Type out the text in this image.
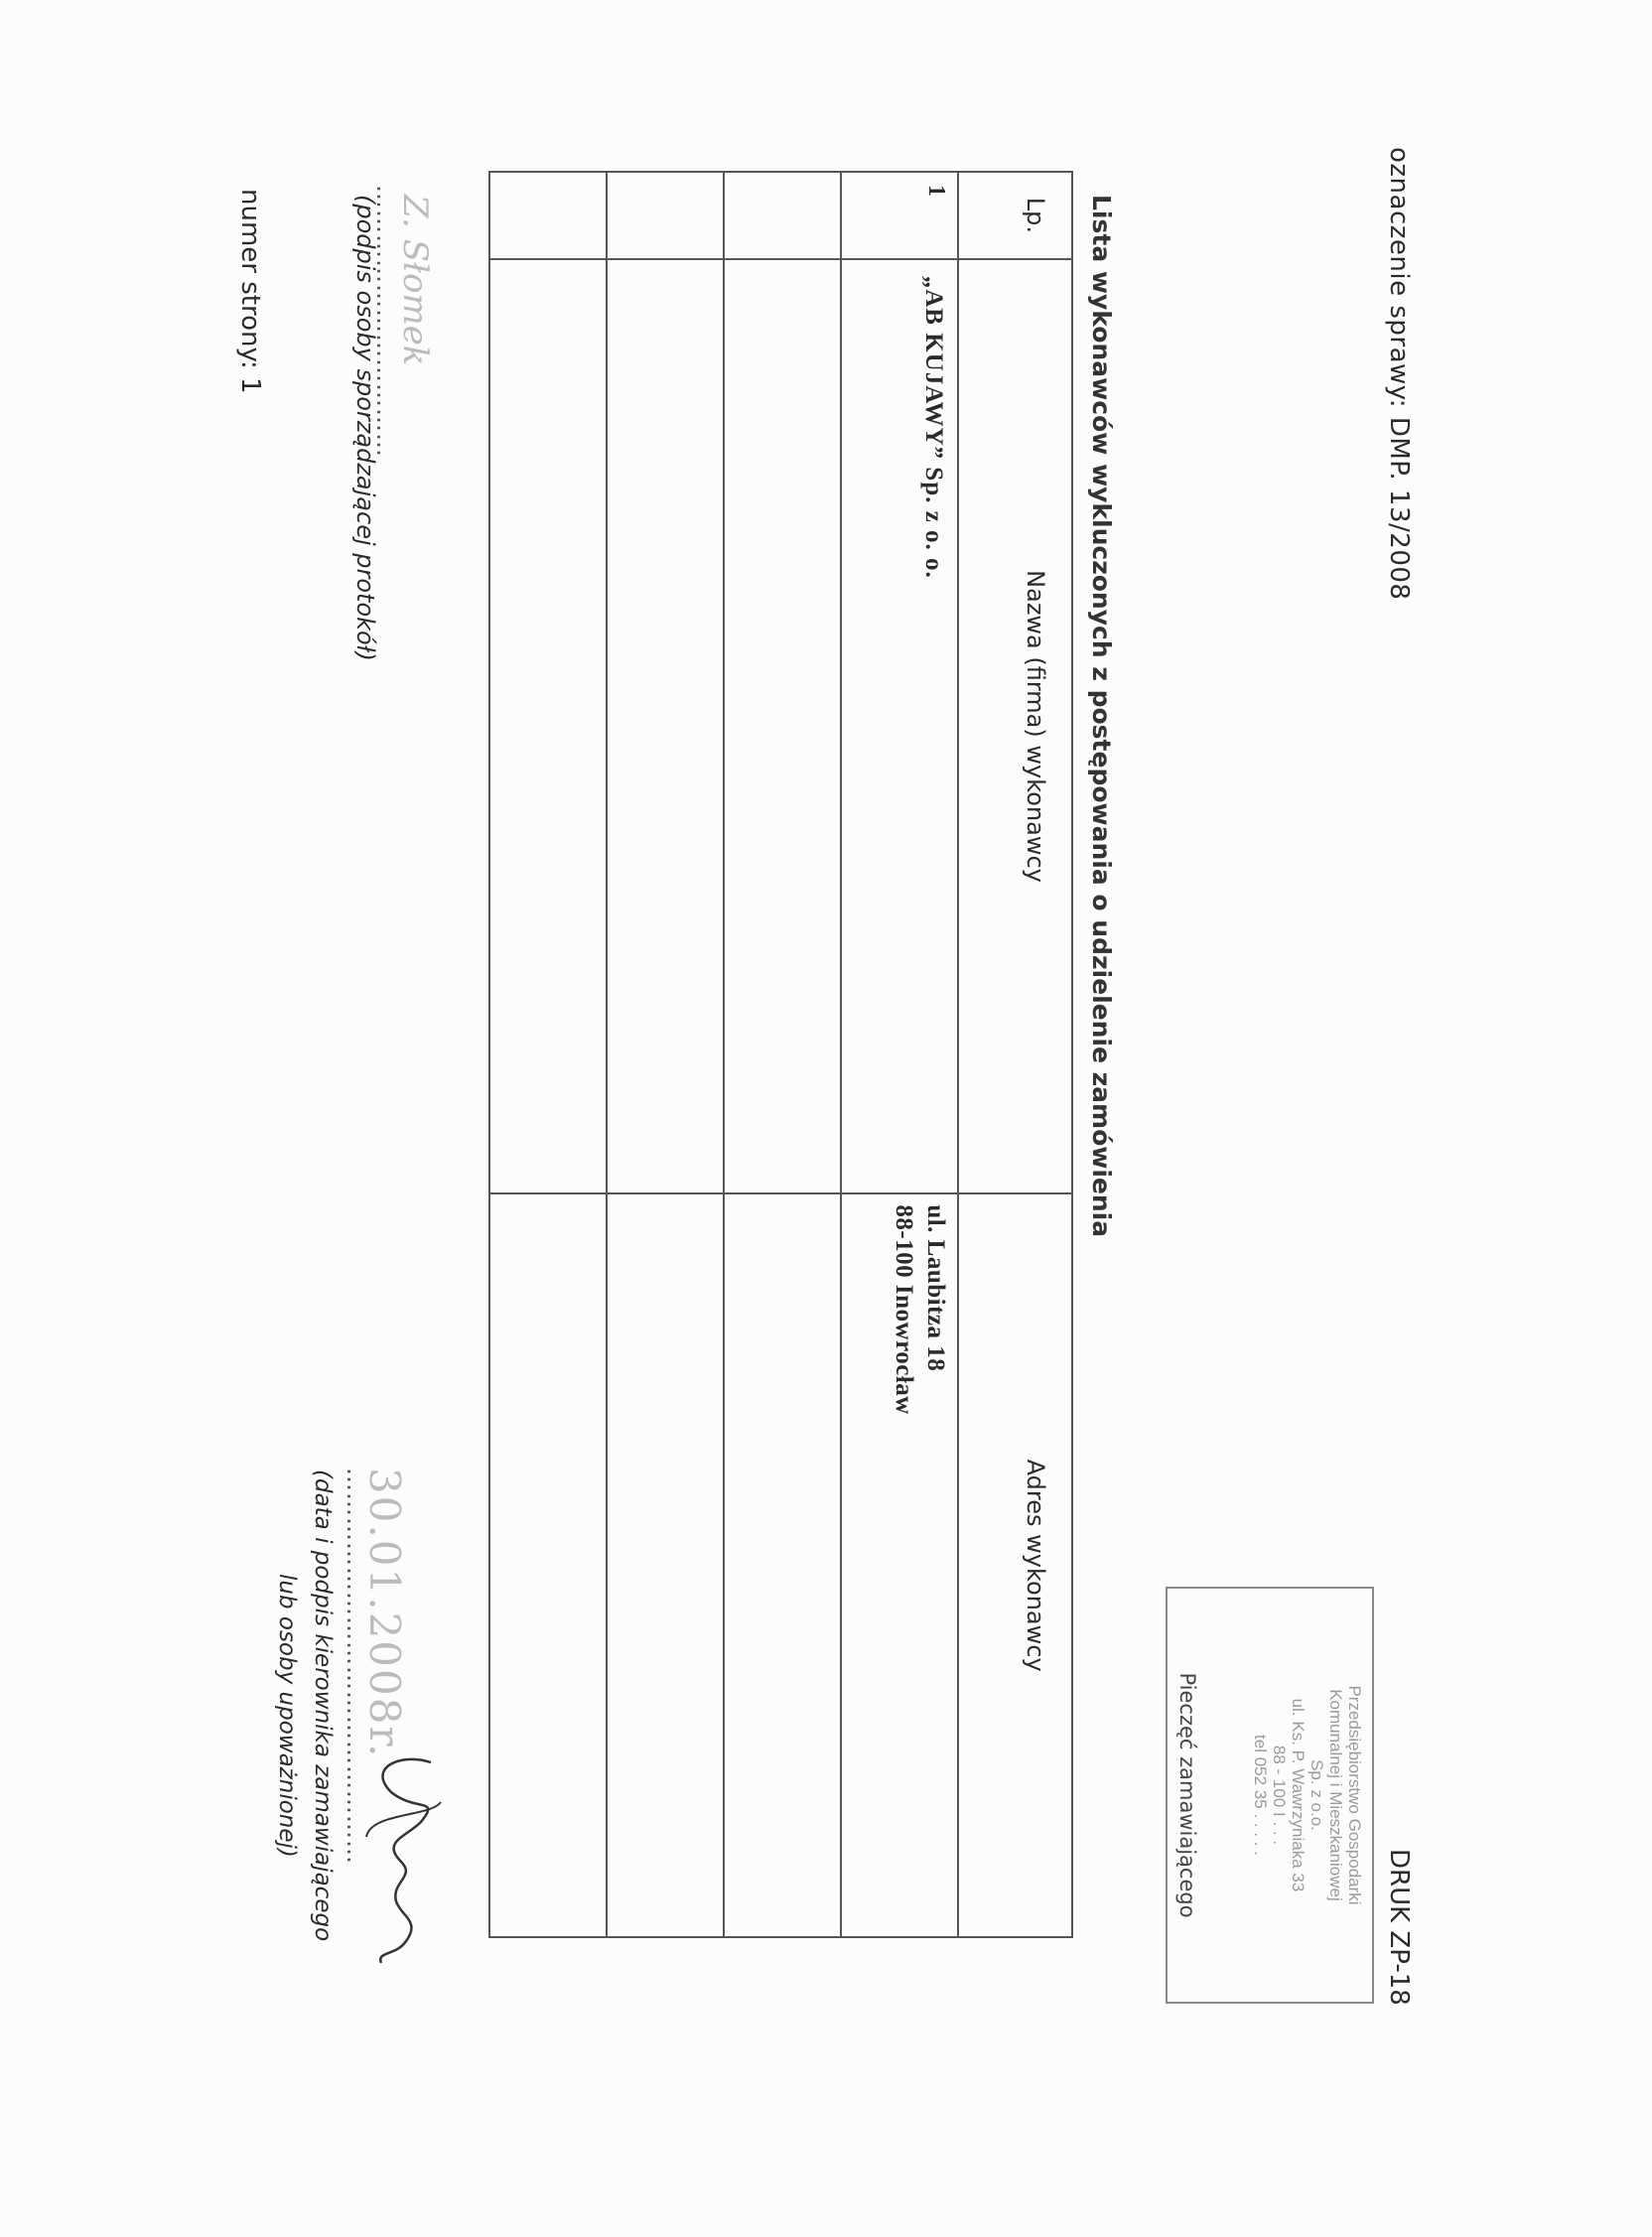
oznaczenie sprawy: DMP. 13/2008
DRUK ZP-18
Przedsiębiorstwo Gospodarki
Komunalnej i Mieszkaniowej
Sp. z o.o.
ul. Ks. P. Wawrzyniaka 33
88 - 100 I . . .
tel 052 35 . . . . .
Pieczęć zamawiającego
Lista wykonawców wykluczonych z postępowania o udzielenie zamówienia
Lp.	Nazwa (firma) wykonawcy	Adres wykonawcy

1	„AB KUJAWY” Sp. z o. o.	ul. Laubitza 18
88-100 Inowrocław

Z. Słomek
……………………………
(podpis osoby sporządzającej protokół)
numer strony: 1
30.01.2008r.
…………………………………………
(data i podpis kierownika zamawiającego
lub osoby upoważnionej)
